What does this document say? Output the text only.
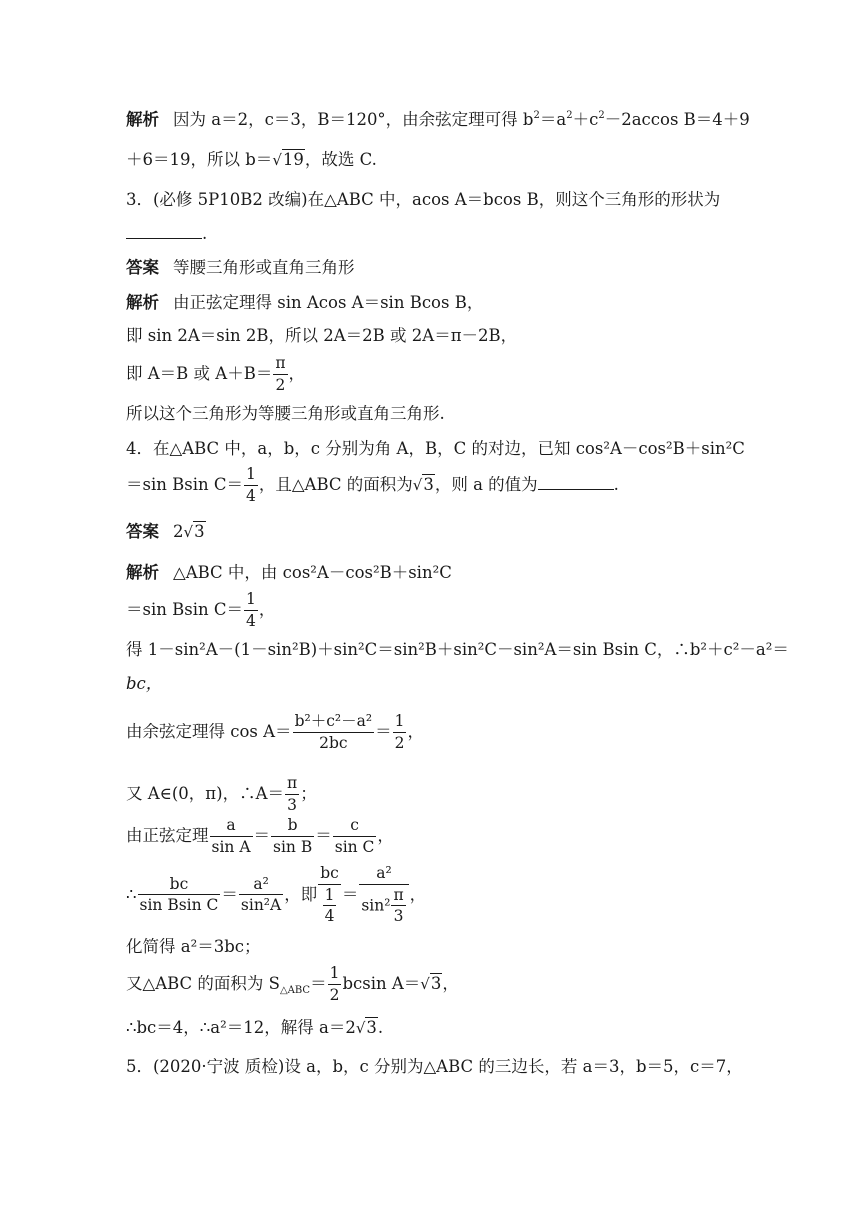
解析 因为 a＝2，c＝3，B＝120°，由余弦定理可得 $b^2=a^2+c^2-2accos$ B＝4＋9
＋6＝19，所以 b＝√19，故选 C.
3．(必修 5P10B2 改编)在△ABC 中，acos A＝bcos B，则这个三角形的形状为
.
答案 等腰三角形或直角三角形
解析 由正弦定理得 sin Acos A＝sin Bcos B，
即 sin 2A＝sin 2B，所以 2A＝2B 或 2A＝π－2B，
即 A＝B 或 $A+B= \frac{\pi}{2}$ ，
所以这个三角形为等腰三角形或直角三角形.
4．在△ABC 中，a，b，c 分别为角 A，B，C 的对边，已知 cos²A－cos²B＋sin²C
＝sin Bsin $C= \frac{1}{4}$ ，且△ABC 的面积为√3，则 a 的值为	.
答案 2√3
解析 △ABC 中，由 cos²A－cos²B＋sin²C
＝sin Bsin $C= \frac{1}{4}$ ，
得 1－sin²A－(1－sin²B)＋sin²C＝sin²B＋sin²C－sin²A＝sin Bsin C，∴b²＋c²－a²＝
bc，
由余弦定理得 $\cos A= \frac{\text{b²＋c²－a²}}{2bc} = \frac{1}{2}$ ，
又 A∈(0，π)，∴A＝ $\frac{\pi}{3}$ ；
由正弦定理 $\frac{a}{\text{sin A}} = \frac{b}{\text{sin B}} = \frac{c}{\text{sin C}}$ ，
∴ $\frac{bc}{\text{sin Bsin C}} = \frac{\text{a²}}{\text{sin²A}}$ ，即 $\frac{bc}{\frac{1}{4}} = \frac{\text{a²}}{\sin^2 \frac{\pi}{3}}$ ，
化简得 a²＝3bc；
又△ABC 的面积为 $S_{\triangle ABC}= \frac{1}{2}$ bcsin A＝√3，
∴bc＝4，∴a²＝12，解得 a＝2√3.
5．(2020·宁波 质检)设 a，b，c 分别为△ABC 的三边长，若 a＝3，b＝5，c＝7，
